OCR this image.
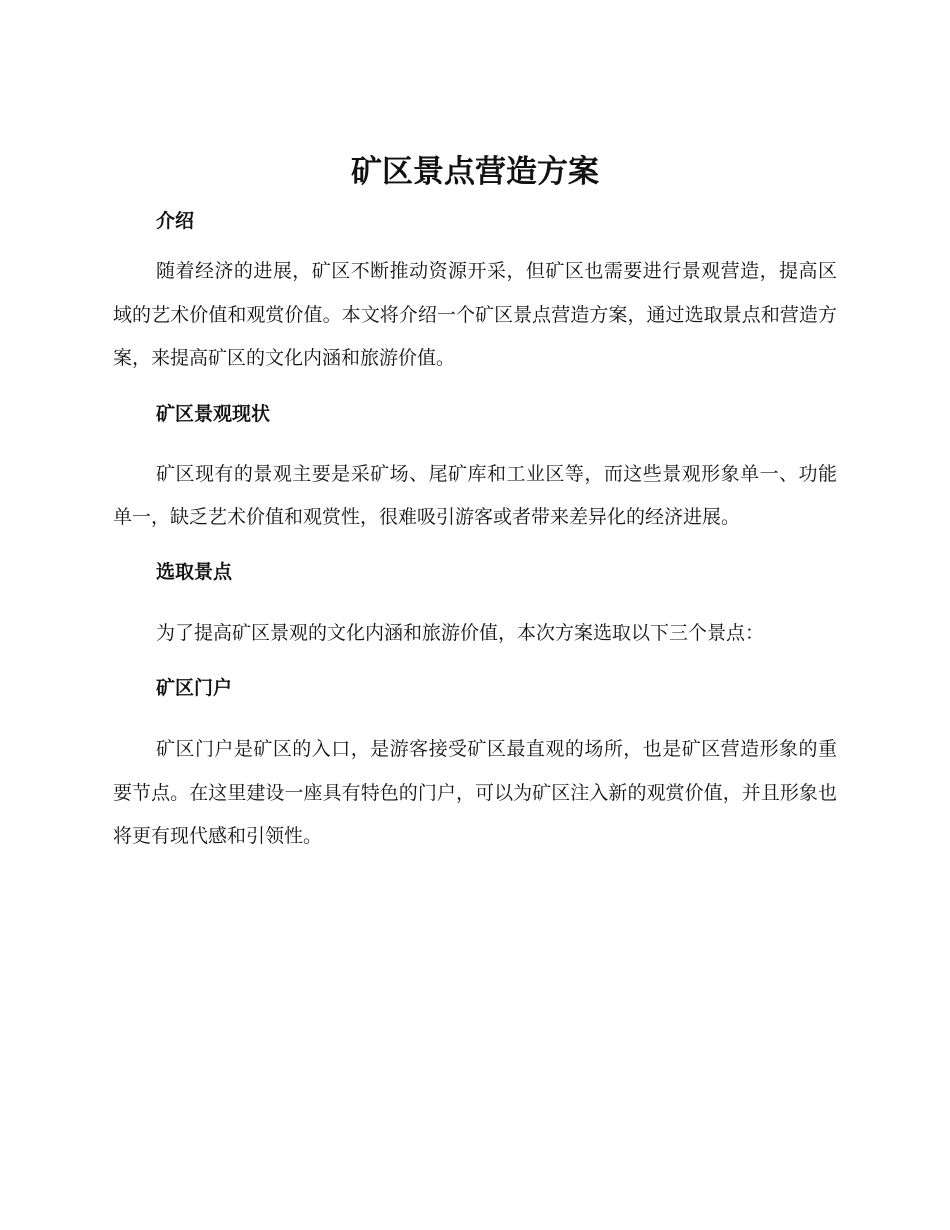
矿区景点营造方案
介绍

随着经济的进展，矿区不断推动资源开采，但矿区也需要进行景观营造，提高区域的艺术价值和观赏价值。本文将介绍一个矿区景点营造方案，通过选取景点和营造方案，来提高矿区的文化内涵和旅游价值。

矿区景观现状

矿区现有的景观主要是采矿场、尾矿库和工业区等，而这些景观形象单一、功能单一，缺乏艺术价值和观赏性，很难吸引游客或者带来差异化的经济进展。

选取景点

为了提高矿区景观的文化内涵和旅游价值，本次方案选取以下三个景点：

矿区门户

矿区门户是矿区的入口，是游客接受矿区最直观的场所，也是矿区营造形象的重要节点。在这里建设一座具有特色的门户，可以为矿区注入新的观赏价值，并且形象也将更有现代感和引领性。
